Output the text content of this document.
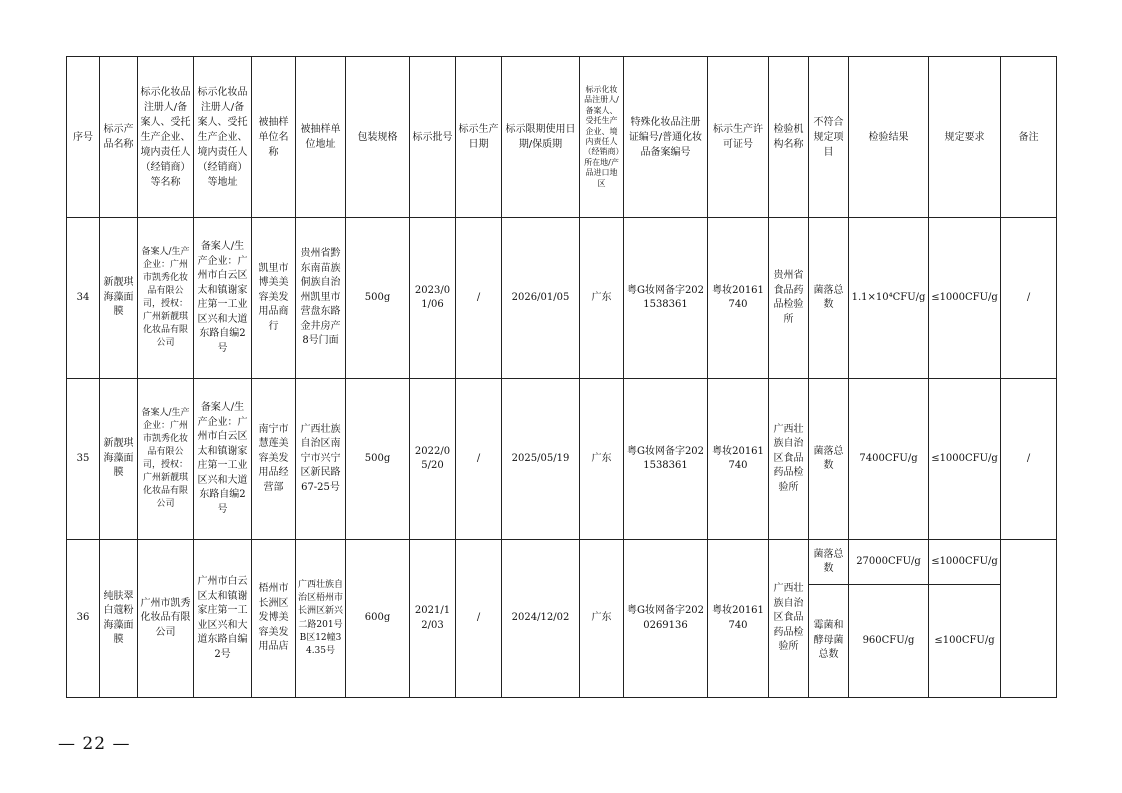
序号	标示产品名称	标示化妆品注册人/备案人、受托生产企业、境内责任人（经销商）等名称	标示化妆品注册人/备案人、受托生产企业、境内责任人（经销商）等地址	被抽样单位名称	被抽样单位地址	包装规格	标示批号	标示生产日期	标示限期使用日期/保质期	标示化妆品注册人/备案人、受托生产企业、境内责任人（经销商）所在地/产品进口地区	特殊化妆品注册证编号/普通化妆品备案编号	标示生产许可证号	检验机构名称	不符合规定项目	检验结果	规定要求	备注
34	新靓琪海藻面膜	备案人/生产企业：广州市凯秀化妆品有限公司，授权：广州新靓琪化妆品有限公司	备案人/生产企业：广州市白云区太和镇谢家庄第一工业区兴和大道东路自编2号	凯里市博美美容美发用品商行	贵州省黔东南苗族侗族自治州凯里市营盘东路金井房产8号门面	500g	2023/01/06	/	2026/01/05	广东	粤G妆网备字2021538361	粤妆20161740	贵州省食品药品检验所	菌落总数	1.1×10⁴CFU/g	≤1000CFU/g	/
35	新靓琪海藻面膜	备案人/生产企业：广州市凯秀化妆品有限公司，授权：广州新靓琪化妆品有限公司	备案人/生产企业：广州市白云区太和镇谢家庄第一工业区兴和大道东路自编2号	南宁市慧莲美容美发用品经营部	广西壮族自治区南宁市兴宁区新民路67-25号	500g	2022/05/20	/	2025/05/19	广东	粤G妆网备字2021538361	粤妆20161740	广西壮族自治区食品药品检验所	菌落总数	7400CFU/g	≤1000CFU/g	/
36	纯肤翠白蔻粉海藻面膜	广州市凯秀化妆品有限公司	广州市白云区太和镇谢家庄第一工业区兴和大道东路自编2号	梧州市长洲区发博美容美发用品店	广西壮族自治区梧州市长洲区新兴二路201号B区12幢34.35号	600g	2021/12/03	/	2024/12/02	广东	粤G妆网备字2020269136	粤妆20161740	广西壮族自治区食品药品检验所	菌落总数	27000CFU/g	≤1000CFU/g	
														霉菌和酵母菌总数	960CFU/g	≤100CFU/g	
— 22 —
